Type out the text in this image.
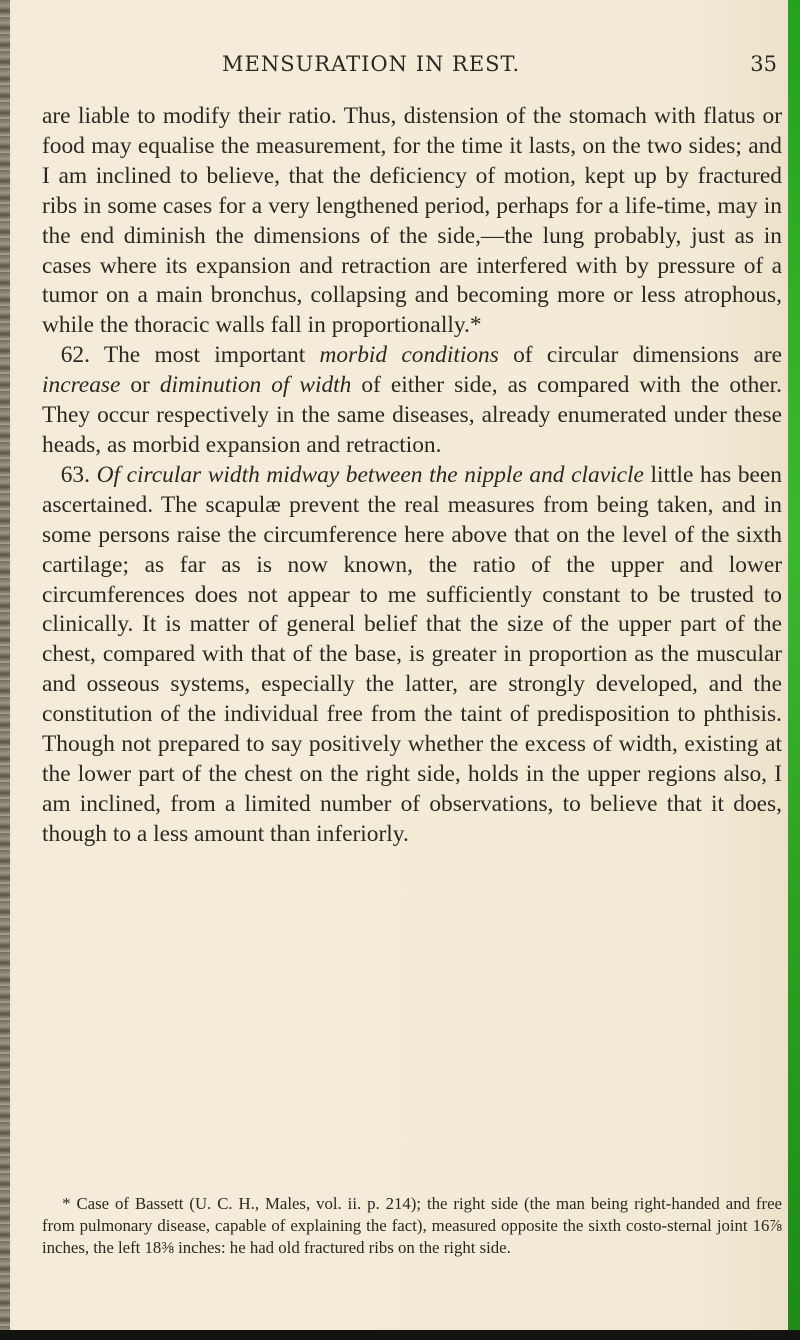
MENSURATION IN REST.	35

are liable to modify their ratio. Thus, distension of the stomach with flatus or food may equalise the measurement, for the time it lasts, on the two sides; and I am inclined to believe, that the deficiency of motion, kept up by fractured ribs in some cases for a very lengthened period, perhaps for a life-time, may in the end diminish the dimensions of the side,—the lung probably, just as in cases where its expansion and retraction are interfered with by pressure of a tumor on a main bronchus, collapsing and becoming more or less atrophous, while the thoracic walls fall in proportionally.*

62. The most important morbid conditions of circular dimensions are increase or diminution of width of either side, as compared with the other. They occur respectively in the same diseases, already enumerated under these heads, as morbid expansion and retraction.

63. Of circular width midway between the nipple and clavicle little has been ascertained. The scapulæ prevent the real measures from being taken, and in some persons raise the circumference here above that on the level of the sixth cartilage; as far as is now known, the ratio of the upper and lower circumferences does not appear to me sufficiently constant to be trusted to clinically. It is matter of general belief that the size of the upper part of the chest, compared with that of the base, is greater in proportion as the muscular and osseous systems, especially the latter, are strongly developed, and the constitution of the individual free from the taint of predisposition to phthisis. Though not prepared to say positively whether the excess of width, existing at the lower part of the chest on the right side, holds in the upper regions also, I am inclined, from a limited number of observations, to believe that it does, though to a less amount than inferiorly.

* Case of Bassett (U. C. H., Males, vol. ii. p. 214); the right side (the man being right-handed and free from pulmonary disease, capable of explaining the fact), measured opposite the sixth costo-sternal joint 16⅞ inches, the left 18⅜ inches: he had old fractured ribs on the right side.
